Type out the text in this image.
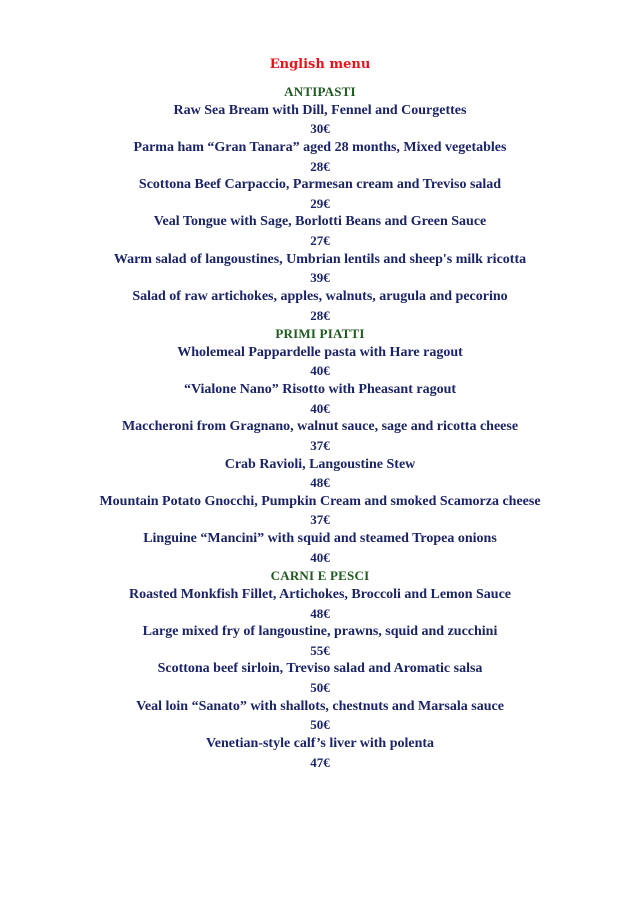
English menu
ANTIPASTI
Raw Sea Bream with Dill, Fennel and Courgettes
30€
Parma ham “Gran Tanara” aged 28 months, Mixed vegetables
28€
Scottona Beef Carpaccio, Parmesan cream and Treviso salad
29€
Veal Tongue with Sage, Borlotti Beans and Green Sauce
27€
Warm salad of langoustines, Umbrian lentils and sheep's milk ricotta
39€
Salad of raw artichokes, apples, walnuts, arugula and pecorino
28€
PRIMI PIATTI
Wholemeal Pappardelle pasta with Hare ragout
40€
“Vialone Nano” Risotto with Pheasant ragout
40€
Maccheroni from Gragnano, walnut sauce, sage and ricotta cheese
37€
Crab Ravioli, Langoustine Stew
48€
Mountain Potato Gnocchi, Pumpkin Cream and smoked Scamorza cheese
37€
Linguine “Mancini” with squid and steamed Tropea onions
40€
CARNI E PESCI
Roasted Monkfish Fillet, Artichokes, Broccoli and Lemon Sauce
48€
Large mixed fry of langoustine, prawns, squid and zucchini
55€
Scottona beef sirloin, Treviso salad and Aromatic salsa
50€
Veal loin “Sanato” with shallots, chestnuts and Marsala sauce
50€
Venetian-style calf’s liver with polenta
47€
